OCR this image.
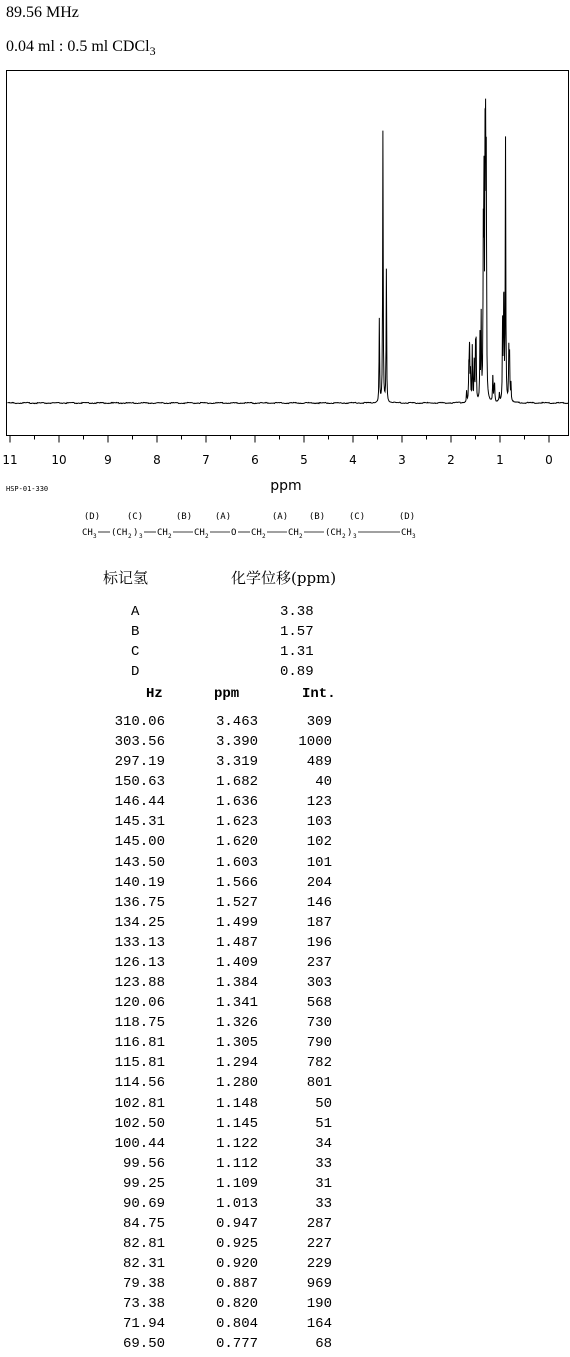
89.56 MHz
0.04 ml : 0.5 ml CDCl$_3$
11	10	9	8	7	6	5	4	3	2	1	0
ppm
HSP-01-330
(D)	(C)	(B)	(A)	(A) (B)	(C)	(D)
CH 3 (CH 2 ) 3 CH 2 CH 2 O CH 2 CH 2 (CH 2 ) 3	CH 3
标记氢	化学位移(ppm)
A	3.38
B	1.57
C	1.31
D	0.89
Hz	ppm	Int.
310.06	3.463	309
303.56	3.390	1000
297.19	3.319	489
150.63	1.682	40
146.44	1.636	123
145.31	1.623	103
145.00	1.620	102
143.50	1.603	101
140.19	1.566	204
136.75	1.527	146
134.25	1.499	187
133.13	1.487	196
126.13	1.409	237
123.88	1.384	303
120.06	1.341	568
118.75	1.326	730
116.81	1.305	790
115.81	1.294	782
114.56	1.280	801
102.81	1.148	50
102.50	1.145	51
100.44	1.122	34
99.56	1.112	33
99.25	1.109	31
90.69	1.013	33
84.75	0.947	287
82.81	0.925	227
82.31	0.920	229
79.38	0.887	969
73.38	0.820	190
71.94	0.804	164
69.50	0.777	68
